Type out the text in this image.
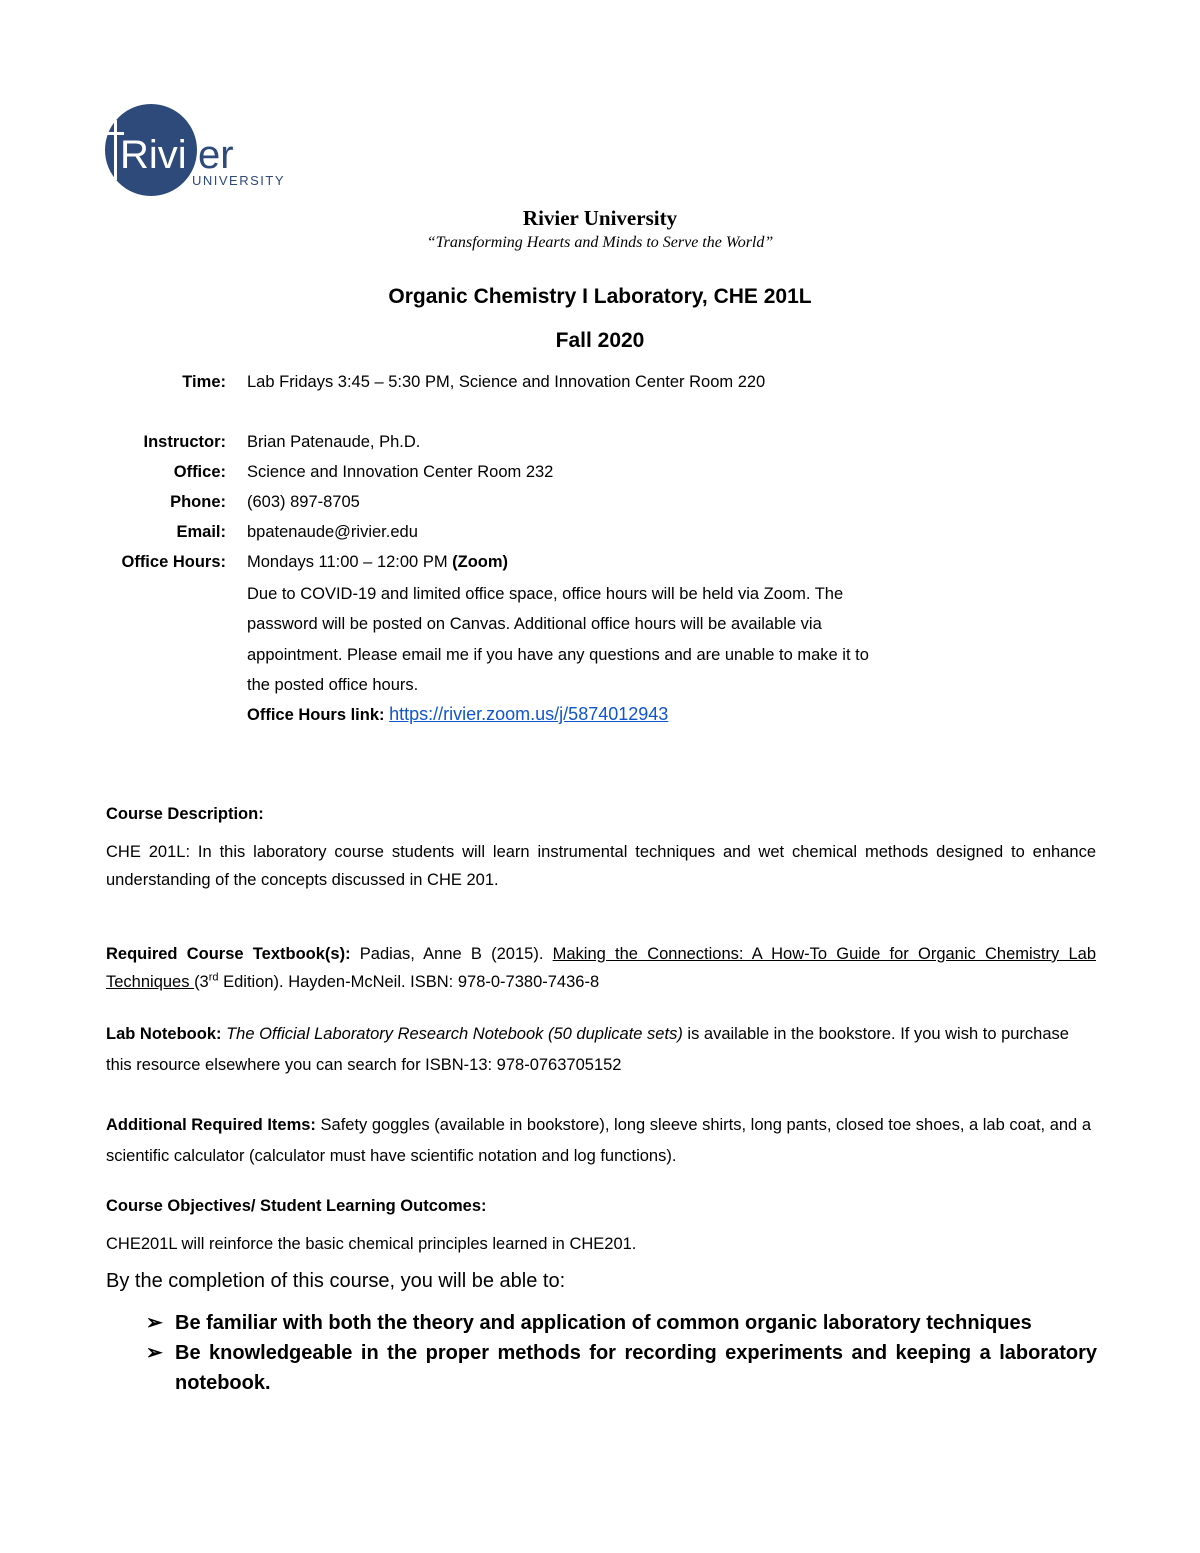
Rivi er
UNIVERSITY
Rivier University
“Transforming Hearts and Minds to Serve the World”
Organic Chemistry I Laboratory, CHE 201L
Fall 2020
Time: Lab Fridays 3:45 – 5:30 PM, Science and Innovation Center Room 220
Instructor: Brian Patenaude, Ph.D.
Office: Science and Innovation Center Room 232
Phone: (603) 897-8705
Email: bpatenaude@rivier.edu
Office Hours: Mondays 11:00 – 12:00 PM (Zoom)
Due to COVID-19 and limited office space, office hours will be held via Zoom. The
password will be posted on Canvas. Additional office hours will be available via
appointment. Please email me if you have any questions and are unable to make it to
the posted office hours.
Office Hours link: https://rivier.zoom.us/j/5874012943
Course Description:
CHE 201L: In this laboratory course students will learn instrumental techniques and wet chemical methods designed to enhance understanding of the concepts discussed in CHE 201.
Required Course Textbook(s): Padias, Anne B (2015). Making the Connections: A How-To Guide for Organic Chemistry Lab Techniques (3rd Edition). Hayden-McNeil. ISBN: 978-0-7380-7436-8
Lab Notebook: The Official Laboratory Research Notebook (50 duplicate sets) is available in the bookstore. If you wish to purchase this resource elsewhere you can search for ISBN-13: 978-0763705152
Additional Required Items: Safety goggles (available in bookstore), long sleeve shirts, long pants, closed toe shoes, a lab coat, and a scientific calculator (calculator must have scientific notation and log functions).
Course Objectives/ Student Learning Outcomes:
CHE201L will reinforce the basic chemical principles learned in CHE201.
By the completion of this course, you will be able to:
➢ Be familiar with both the theory and application of common organic laboratory techniques
➢ Be knowledgeable in the proper methods for recording experiments and keeping a laboratory notebook.
